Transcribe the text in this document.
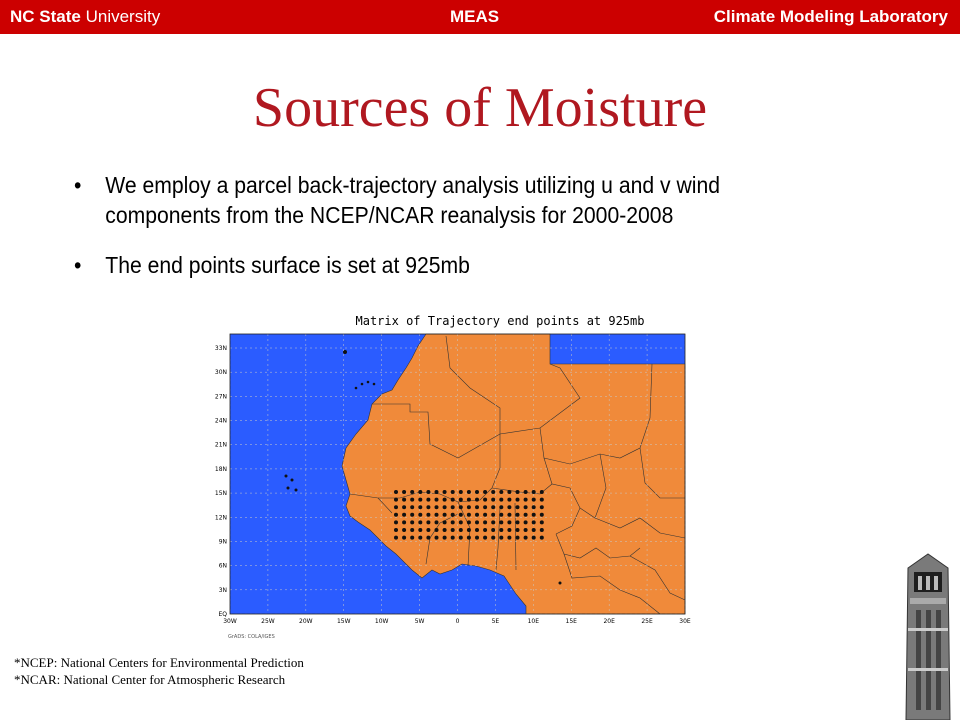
NC State University	MEAS	Climate Modeling Laboratory
Sources of Moisture
• We employ a parcel back-trajectory analysis utilizing u and v wind components from the NCEP/NCAR reanalysis for 2000-2008
• The end points surface is set at 925mb
Matrix of Trajectory end points at 925mb
33N
30N
27N
24N
21N
18N
15N
12N
9N
6N
3N
EQ
30W	25W	20W	15W	10W	5W	0	5E	10E	15E	20E	25E	30E
GrADS: COLA/IGES
*NCEP: National Centers for Environmental Prediction
*NCAR: National Center for Atmospheric Research
